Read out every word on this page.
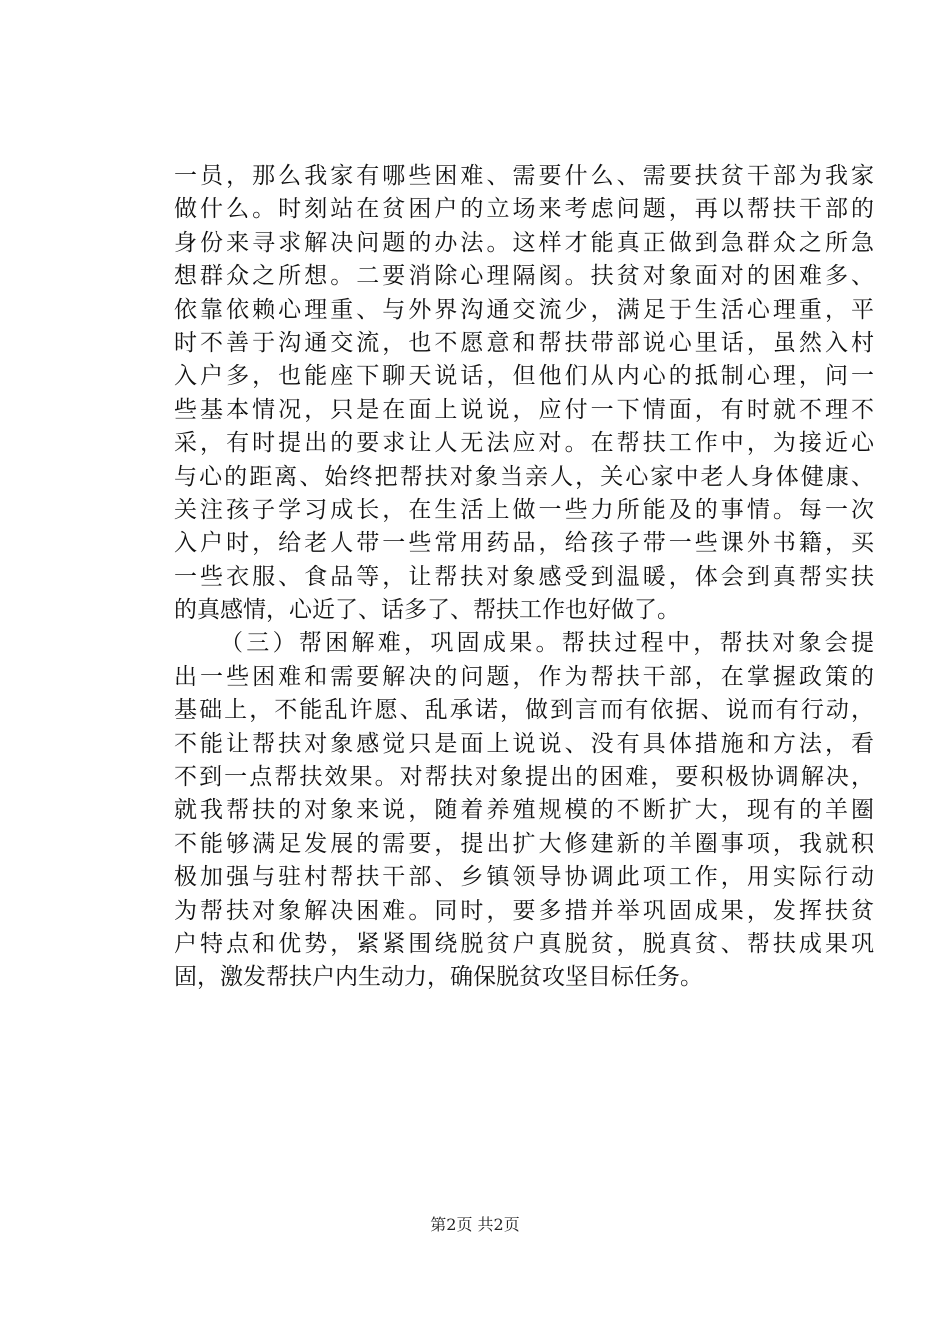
一员，那么我家有哪些困难、需要什么、需要扶贫干部为我家
做什么。时刻站在贫困户的立场来考虑问题，再以帮扶干部的
身份来寻求解决问题的办法。这样才能真正做到急群众之所急
想群众之所想。二要消除心理隔阂。扶贫对象面对的困难多、
依靠依赖心理重、与外界沟通交流少，满足于生活心理重，平
时不善于沟通交流，也不愿意和帮扶带部说心里话，虽然入村
入户多，也能座下聊天说话，但他们从内心的抵制心理，问一
些基本情况，只是在面上说说，应付一下情面，有时就不理不
采，有时提出的要求让人无法应对。在帮扶工作中，为接近心
与心的距离、始终把帮扶对象当亲人，关心家中老人身体健康、
关注孩子学习成长，在生活上做一些力所能及的事情。每一次
入户时，给老人带一些常用药品，给孩子带一些课外书籍，买
一些衣服、食品等，让帮扶对象感受到温暖，体会到真帮实扶
的真感情，心近了、话多了、帮扶工作也好做了。
（三）帮困解难，巩固成果。帮扶过程中，帮扶对象会提
出一些困难和需要解决的问题，作为帮扶干部，在掌握政策的
基础上，不能乱许愿、乱承诺，做到言而有依据、说而有行动，
不能让帮扶对象感觉只是面上说说、没有具体措施和方法，看
不到一点帮扶效果。对帮扶对象提出的困难，要积极协调解决，
就我帮扶的对象来说，随着养殖规模的不断扩大，现有的羊圈
不能够满足发展的需要，提出扩大修建新的羊圈事项，我就积
极加强与驻村帮扶干部、乡镇领导协调此项工作，用实际行动
为帮扶对象解决困难。同时，要多措并举巩固成果，发挥扶贫
户特点和优势，紧紧围绕脱贫户真脱贫，脱真贫、帮扶成果巩
固，激发帮扶户内生动力，确保脱贫攻坚目标任务。
第2页 共2页
